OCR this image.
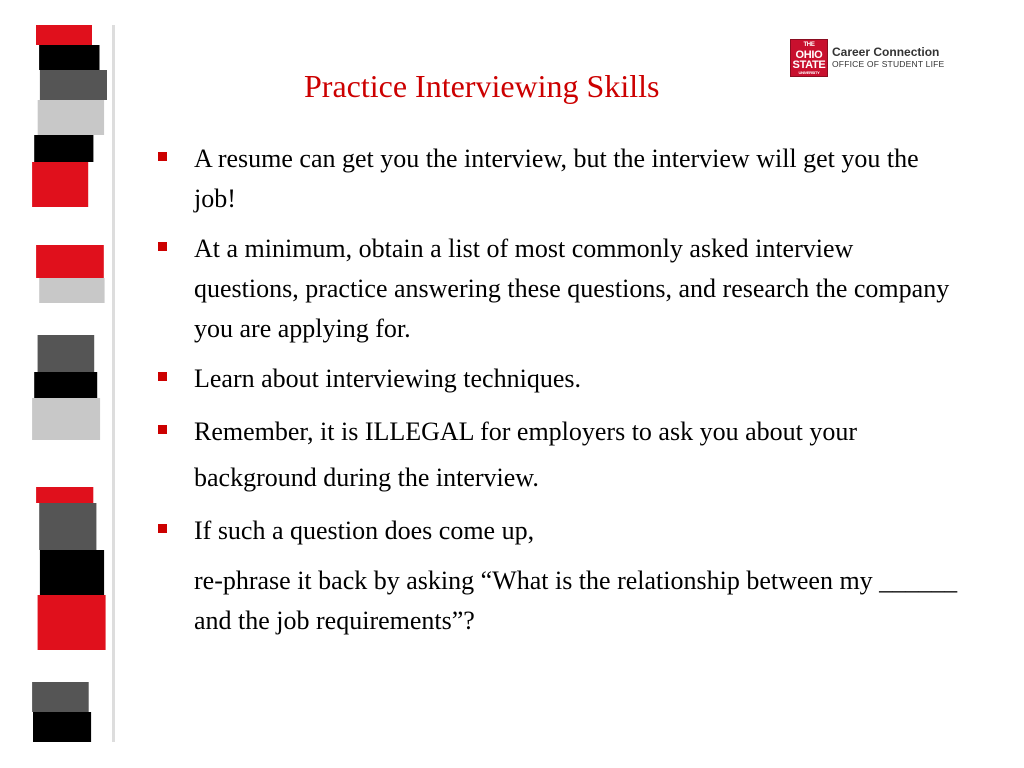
THE
OHIO
STATE
UNIVERSITY
Career Connection
OFFICE OF STUDENT LIFE
Practice Interviewing Skills
A resume can get you the interview, but the interview will get you the job!
At a minimum, obtain a list of most commonly asked interview questions, practice answering these questions, and research the company you are applying for.
Learn about interviewing techniques.
Remember, it is ILLEGAL for employers to ask you about your background during the interview.
If such a question does come up,
re-phrase it back by asking “What is the relationship between my ______ and the job requirements”?
